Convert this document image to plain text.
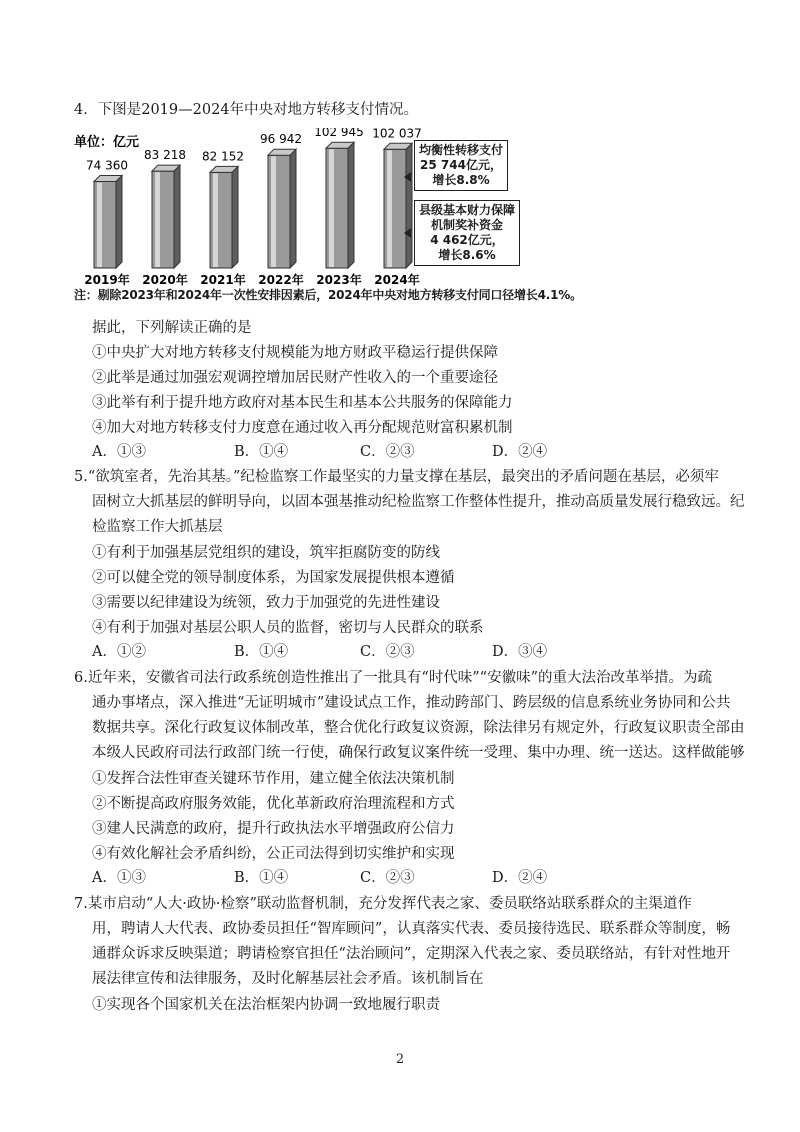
4．下图是2019—2024年中央对地方转移支付情况。
单位：亿元
74 360
2019年
83 218
2020年
82 152
2021年
96 942
2022年
102 945
2023年
102 037
2024年
均衡性转移支付
25 744亿元，
增长8.8%
县级基本财力保障
机制奖补资金
4 462亿元，
增长8.6%
注：剔除2023年和2024年一次性安排因素后，2024年中央对地方转移支付同口径增长4.1%。
据此，下列解读正确的是
①中央扩大对地方转移支付规模能为地方财政平稳运行提供保障
②此举是通过加强宏观调控增加居民财产性收入的一个重要途径
③此举有利于提升地方政府对基本民生和基本公共服务的保障能力
④加大对地方转移支付力度意在通过收入再分配规范财富积累机制
A．①③	B．①④	C．②③	D．②④
5.“欲筑室者，先治其基。”纪检监察工作最坚实的力量支撑在基层，最突出的矛盾问题在基层，必须牢
固树立大抓基层的鲜明导向，以固本强基推动纪检监察工作整体性提升，推动高质量发展行稳致远。纪
检监察工作大抓基层
①有利于加强基层党组织的建设，筑牢拒腐防变的防线
②可以健全党的领导制度体系，为国家发展提供根本遵循
③需要以纪律建设为统领，致力于加强党的先进性建设
④有利于加强对基层公职人员的监督，密切与人民群众的联系
A．①②	B．①④	C．②③	D．③④
6.近年来，安徽省司法行政系统创造性推出了一批具有“时代味”“安徽味”的重大法治改革举措。为疏
通办事堵点，深入推进“无证明城市”建设试点工作，推动跨部门、跨层级的信息系统业务协同和公共
数据共享。深化行政复议体制改革，整合优化行政复议资源，除法律另有规定外，行政复议职责全部由
本级人民政府司法行政部门统一行使，确保行政复议案件统一受理、集中办理、统一送达。这样做能够
①发挥合法性审查关键环节作用，建立健全依法决策机制
②不断提高政府服务效能，优化革新政府治理流程和方式
③建人民满意的政府，提升行政执法水平增强政府公信力
④有效化解社会矛盾纠纷，公正司法得到切实维护和实现
A．①③	B．①④	C．②③	D．②④
7.某市启动“人大·政协·检察”联动监督机制，充分发挥代表之家、委员联络站联系群众的主渠道作
用，聘请人大代表、政协委员担任“智库顾问”，认真落实代表、委员接待选民、联系群众等制度，畅
通群众诉求反映渠道；聘请检察官担任“法治顾问”，定期深入代表之家、委员联络站，有针对性地开
展法律宣传和法律服务，及时化解基层社会矛盾。该机制旨在
①实现各个国家机关在法治框架内协调一致地履行职责
2
